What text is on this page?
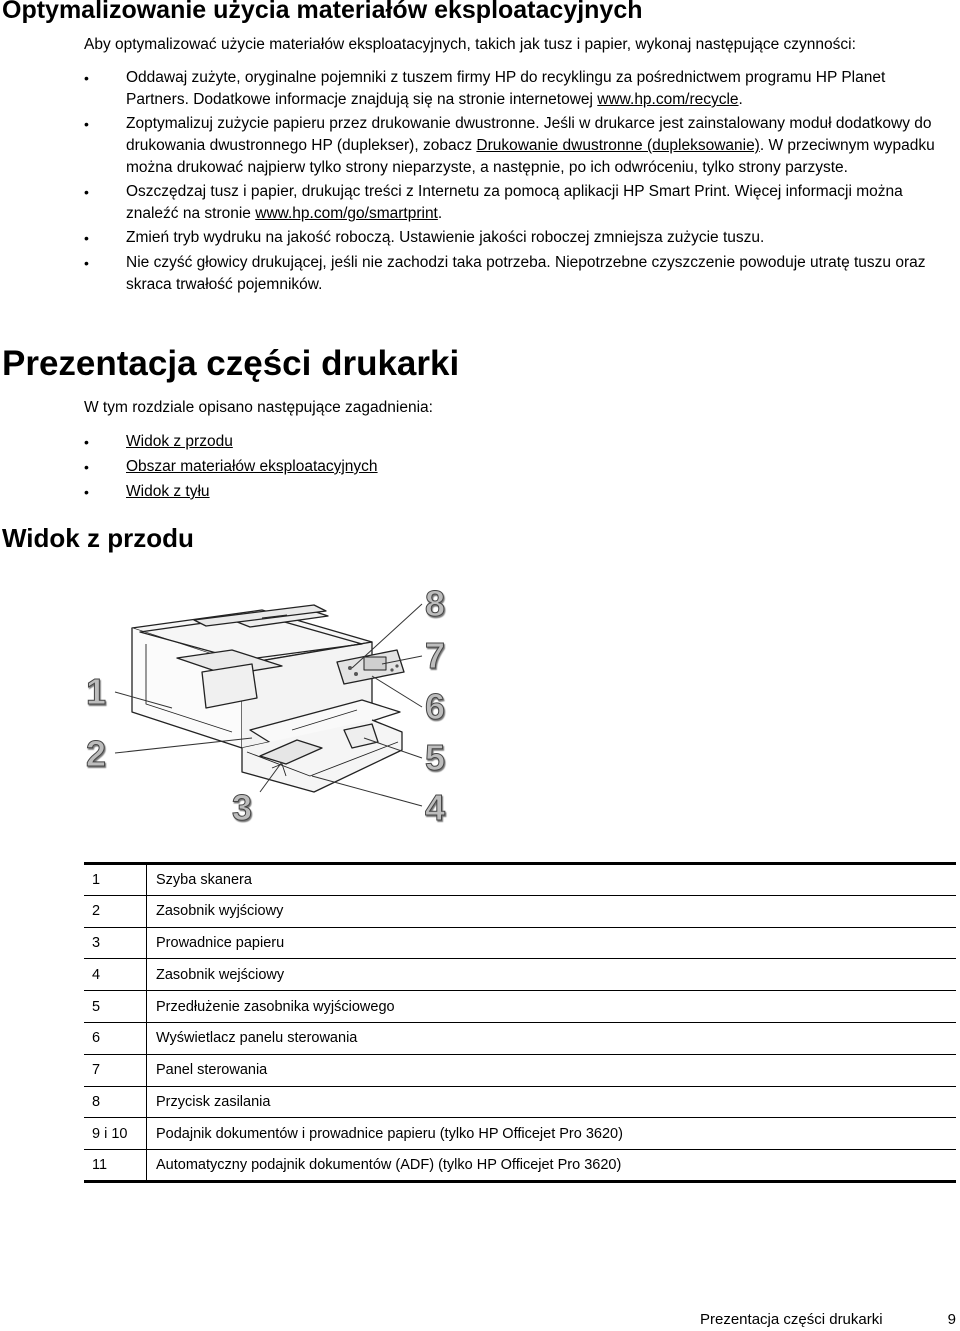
Optymalizowanie użycia materiałów eksploatacyjnych

Aby optymalizować użycie materiałów eksploatacyjnych, takich jak tusz i papier, wykonaj następujące czynności:

• Oddawaj zużyte, oryginalne pojemniki z tuszem firmy HP do recyklingu za pośrednictwem programu HP Planet Partners. Dodatkowe informacje znajdują się na stronie internetowej www.hp.com/recycle.
• Zoptymalizuj zużycie papieru przez drukowanie dwustronne. Jeśli w drukarce jest zainstalowany moduł dodatkowy do drukowania dwustronnego HP (duplekser), zobacz Drukowanie dwustronne (dupleksowanie). W przeciwnym wypadku można drukować najpierw tylko strony nieparzyste, a następnie, po ich odwróceniu, tylko strony parzyste.
• Oszczędzaj tusz i papier, drukując treści z Internetu za pomocą aplikacji HP Smart Print. Więcej informacji można znaleźć na stronie www.hp.com/go/smartprint.
• Zmień tryb wydruku na jakość roboczą. Ustawienie jakości roboczej zmniejsza zużycie tuszu.
• Nie czyść głowicy drukującej, jeśli nie zachodzi taka potrzeba. Niepotrzebne czyszczenie powoduje utratę tuszu oraz skraca trwałość pojemników.
Prezentacja części drukarki

W tym rozdziale opisano następujące zagadnienia:

• Widok z przodu
• Obszar materiałów eksploatacyjnych
• Widok z tyłu
Widok z przodu
1
2
3	4
5
6
7
8
1	Szyba skanera
2	Zasobnik wyjściowy
3	Prowadnice papieru
4	Zasobnik wejściowy
5	Przedłużenie zasobnika wyjściowego
6	Wyświetlacz panelu sterowania
7	Panel sterowania
8	Przycisk zasilania
9 i 10	Podajnik dokumentów i prowadnice papieru (tylko HP Officejet Pro 3620)
11	Automatyczny podajnik dokumentów (ADF) (tylko HP Officejet Pro 3620)
Prezentacja części drukarki	9
